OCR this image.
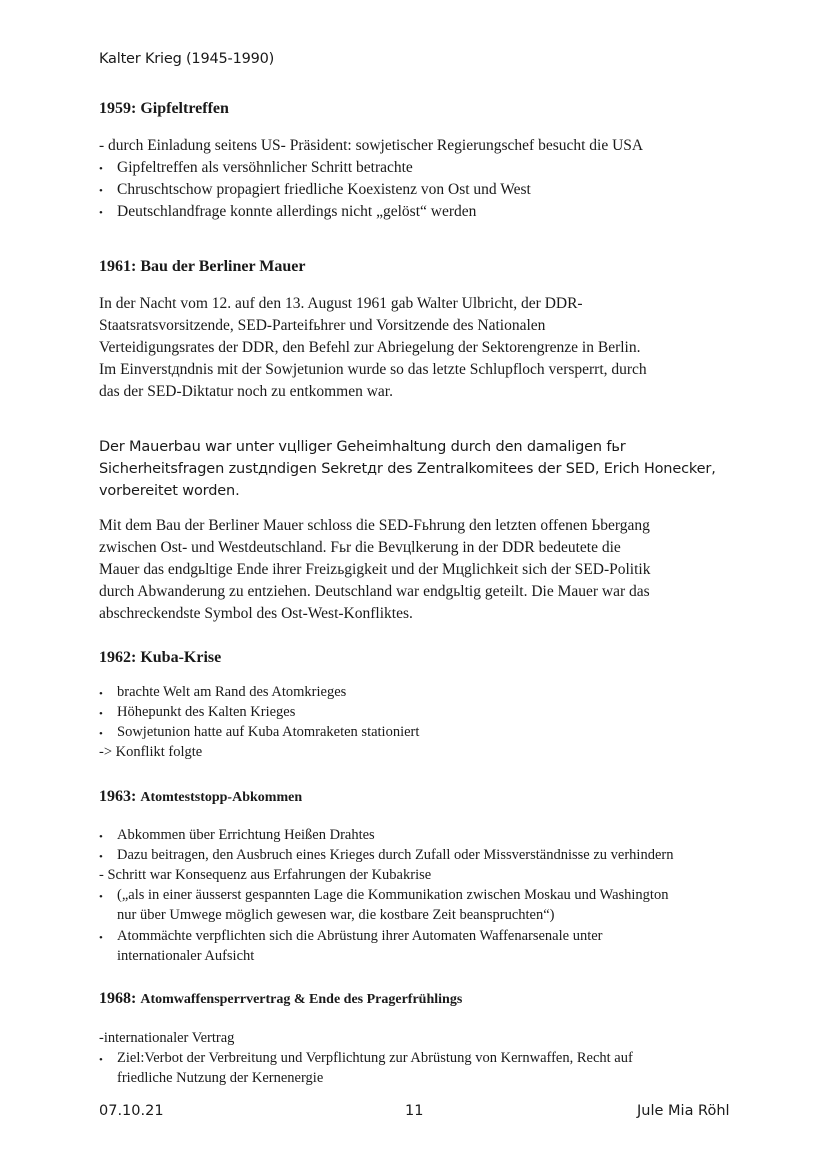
Kalter Krieg (1945-1990)
1959: Gipfeltreffen
- durch Einladung seitens US- Präsident: sowjetischer Regierungschef besucht die USA
• Gipfeltreffen als versöhnlicher Schritt betrachte
• Chruschtschow propagiert friedliche Koexistenz von Ost und West
• Deutschlandfrage konnte allerdings nicht „gelöst“ werden
1961: Bau der Berliner Mauer
In der Nacht vom 12. auf den 13. August 1961 gab Walter Ulbricht, der DDR-
Staatsratsvorsitzende, SED-Parteifьhrer und Vorsitzende des Nationalen
Verteidigungsrates der DDR, den Befehl zur Abriegelung der Sektorengrenze in Berlin.
Im Einverstдndnis mit der Sowjetunion wurde so das letzte Schlupfloch versperrt, durch
das der SED-Diktatur noch zu entkommen war.
Der Mauerbau war unter vцlliger Geheimhaltung durch den damaligen fьr
Sicherheitsfragen zustдndigen Sekretдr des Zentralkomitees der SED, Erich Honecker,
vorbereitet worden.
Mit dem Bau der Berliner Mauer schloss die SED-Fьhrung den letzten offenen Ьbergang
zwischen Ost- und Westdeutschland. Fьr die Bevцlkerung in der DDR bedeutete die
Mauer das endgьltige Ende ihrer Freizьgigkeit und der Mцglichkeit sich der SED-Politik
durch Abwanderung zu entziehen. Deutschland war endgьltig geteilt. Die Mauer war das
abschreckendste Symbol des Ost-West-Konfliktes.
1962: Kuba-Krise
• brachte Welt am Rand des Atomkrieges
• Höhepunkt des Kalten Krieges
• Sowjetunion hatte auf Kuba Atomraketen stationiert
-> Konflikt folgte
1963: Atomteststopp-Abkommen
• Abkommen über Errichtung Heißen Drahtes
• Dazu beitragen, den Ausbruch eines Krieges durch Zufall oder Missverständnisse zu verhindern
- Schritt war Konsequenz aus Erfahrungen der Kubakrise
• („als in einer äusserst gespannten Lage die Kommunikation zwischen Moskau und Washington
nur über Umwege möglich gewesen war, die kostbare Zeit beanspruchten“)
• Atommächte verpflichten sich die Abrüstung ihrer Automaten Waffenarsenale unter
internationaler Aufsicht
1968: Atomwaffensperrvertrag & Ende des Pragerfrühlings
-internationaler Vertrag
• Ziel:Verbot der Verbreitung und Verpflichtung zur Abrüstung von Kernwaffen, Recht auf
friedliche Nutzung der Kernenergie
07.10.21	11	Jule Mia Röhl
